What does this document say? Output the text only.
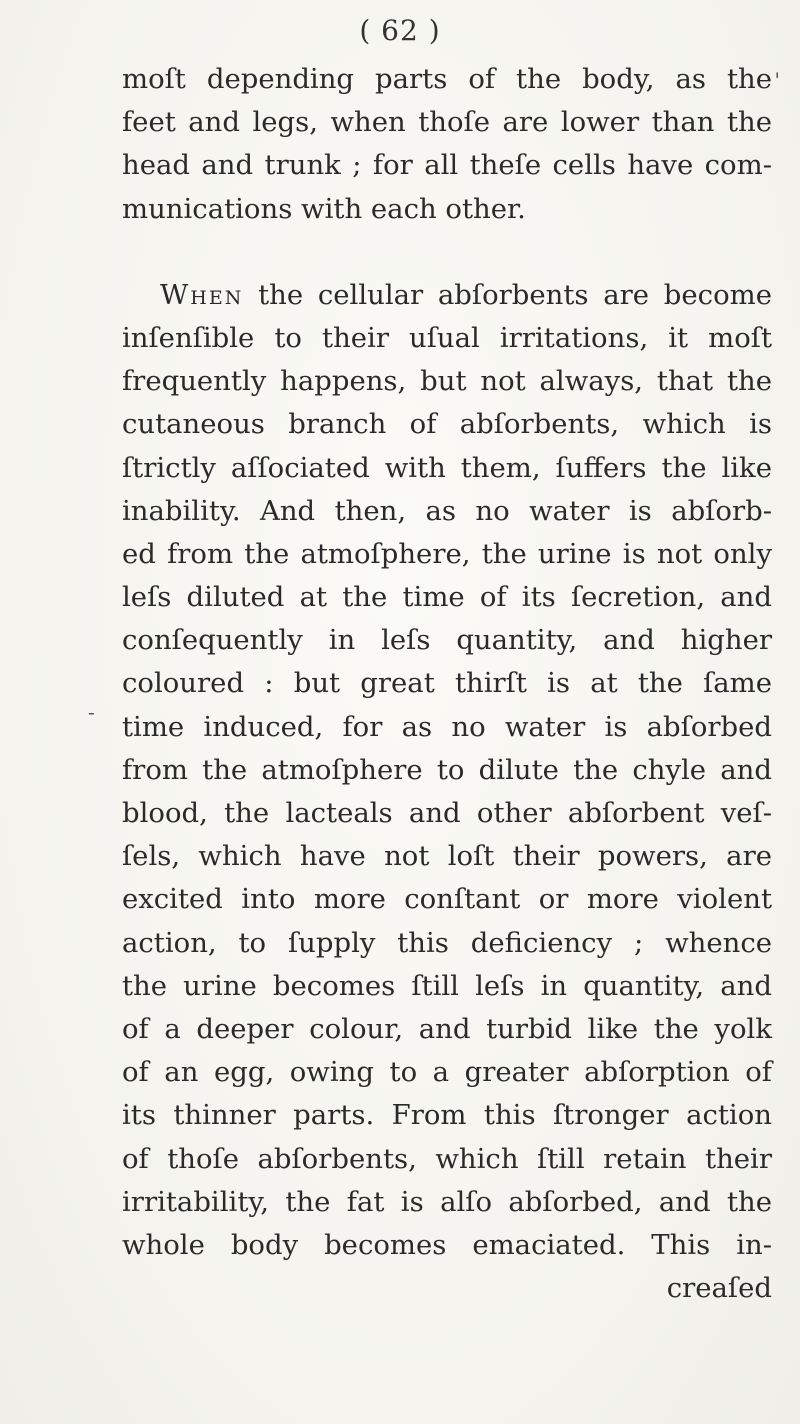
( 62 )
'
-
moſt depending parts of the body, as the
feet and legs, when thoſe are lower than the
head and trunk ; for all theſe cells have com-
munications with each other.
When the cellular abſorbents are become
inſenſible to their uſual irritations, it moſt
frequently happens, but not always, that the
cutaneous branch of abſorbents, which is
ſtrictly aſſociated with them, ſuffers the like
inability. And then, as no water is abſorb-
ed from the atmoſphere, the urine is not only
leſs diluted at the time of its ſecretion, and
conſequently in leſs quantity, and higher
coloured : but great thirſt is at the ſame
time induced, for as no water is abſorbed
from the atmoſphere to dilute the chyle and
blood, the lacteals and other abſorbent veſ-
ſels, which have not loſt their powers, are
excited into more conſtant or more violent
action, to ſupply this deficiency ; whence
the urine becomes ſtill leſs in quantity, and
of a deeper colour, and turbid like the yolk
of an egg, owing to a greater abſorption of
its thinner parts. From this ſtronger action
of thoſe abſorbents, which ſtill retain their
irritability, the fat is alſo abſorbed, and the
whole body becomes emaciated. This in-
creaſed
